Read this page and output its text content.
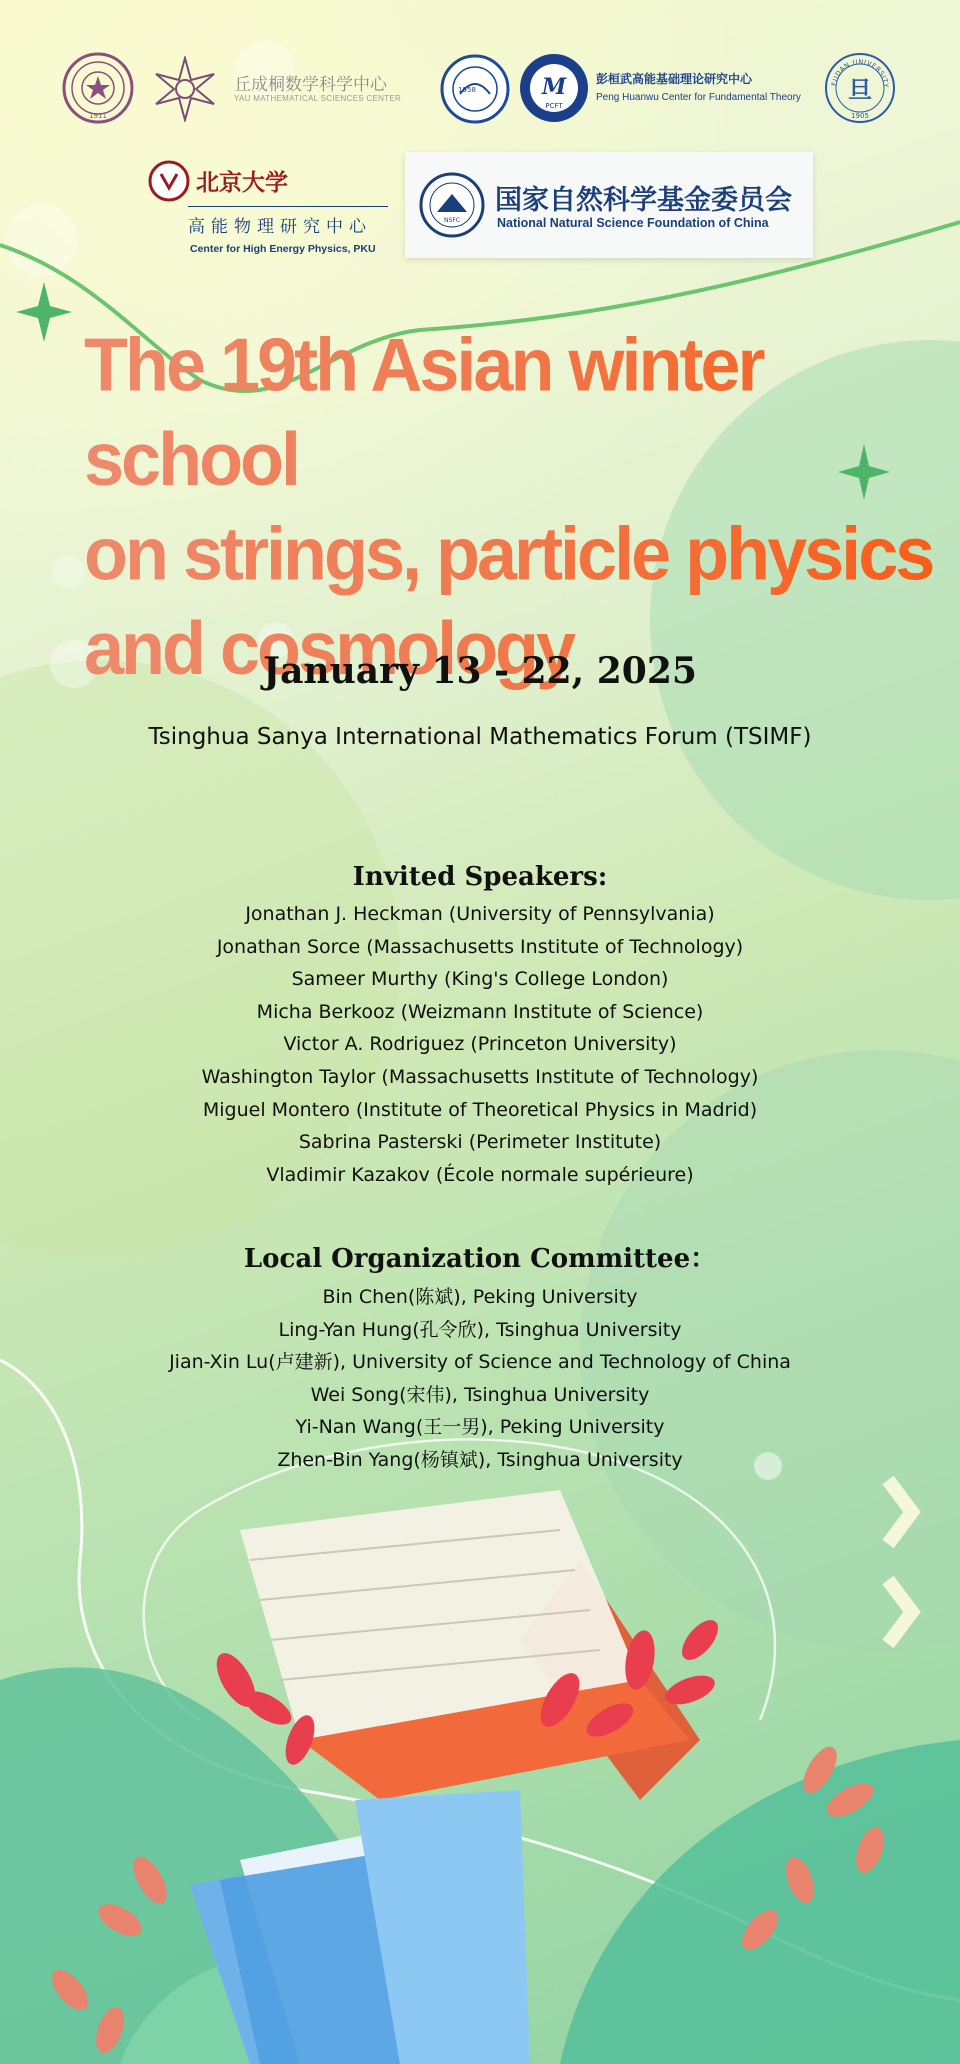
1911
丘成桐数学科学中心
YAU MATHEMATICAL SCIENCES CENTER
1958	M
PCFT
彭桓武高能基础理论研究中心
Peng Huanwu Center for Fundamental Theory
FUDAN UNIVERSITY
旦
1905
北京大学
高能物理研究中心
Center for High Energy Physics, PKU
NSFC
国家自然科学基金委员会
National Natural Science Foundation of China
The 19th Asian winter school
on strings, particle physics
and cosmology
January 13 - 22, 2025
Tsinghua Sanya International Mathematics Forum (TSIMF)
Invited Speakers:
Jonathan J. Heckman (University of Pennsylvania)
Jonathan Sorce (Massachusetts Institute of Technology)
Sameer Murthy (King's College London)
Micha Berkooz (Weizmann Institute of Science)
Victor A. Rodriguez (Princeton University)
Washington Taylor (Massachusetts Institute of Technology)
Miguel Montero (Institute of Theoretical Physics in Madrid)
Sabrina Pasterski (Perimeter Institute)
Vladimir Kazakov (École normale supérieure)
Local Organization Committee：
Bin Chen(陈斌), Peking University
Ling-Yan Hung(孔令欣), Tsinghua University
Jian-Xin Lu(卢建新), University of Science and Technology of China
Wei Song(宋伟), Tsinghua University
Yi-Nan Wang(王一男), Peking University
Zhen-Bin Yang(杨镇斌), Tsinghua University
